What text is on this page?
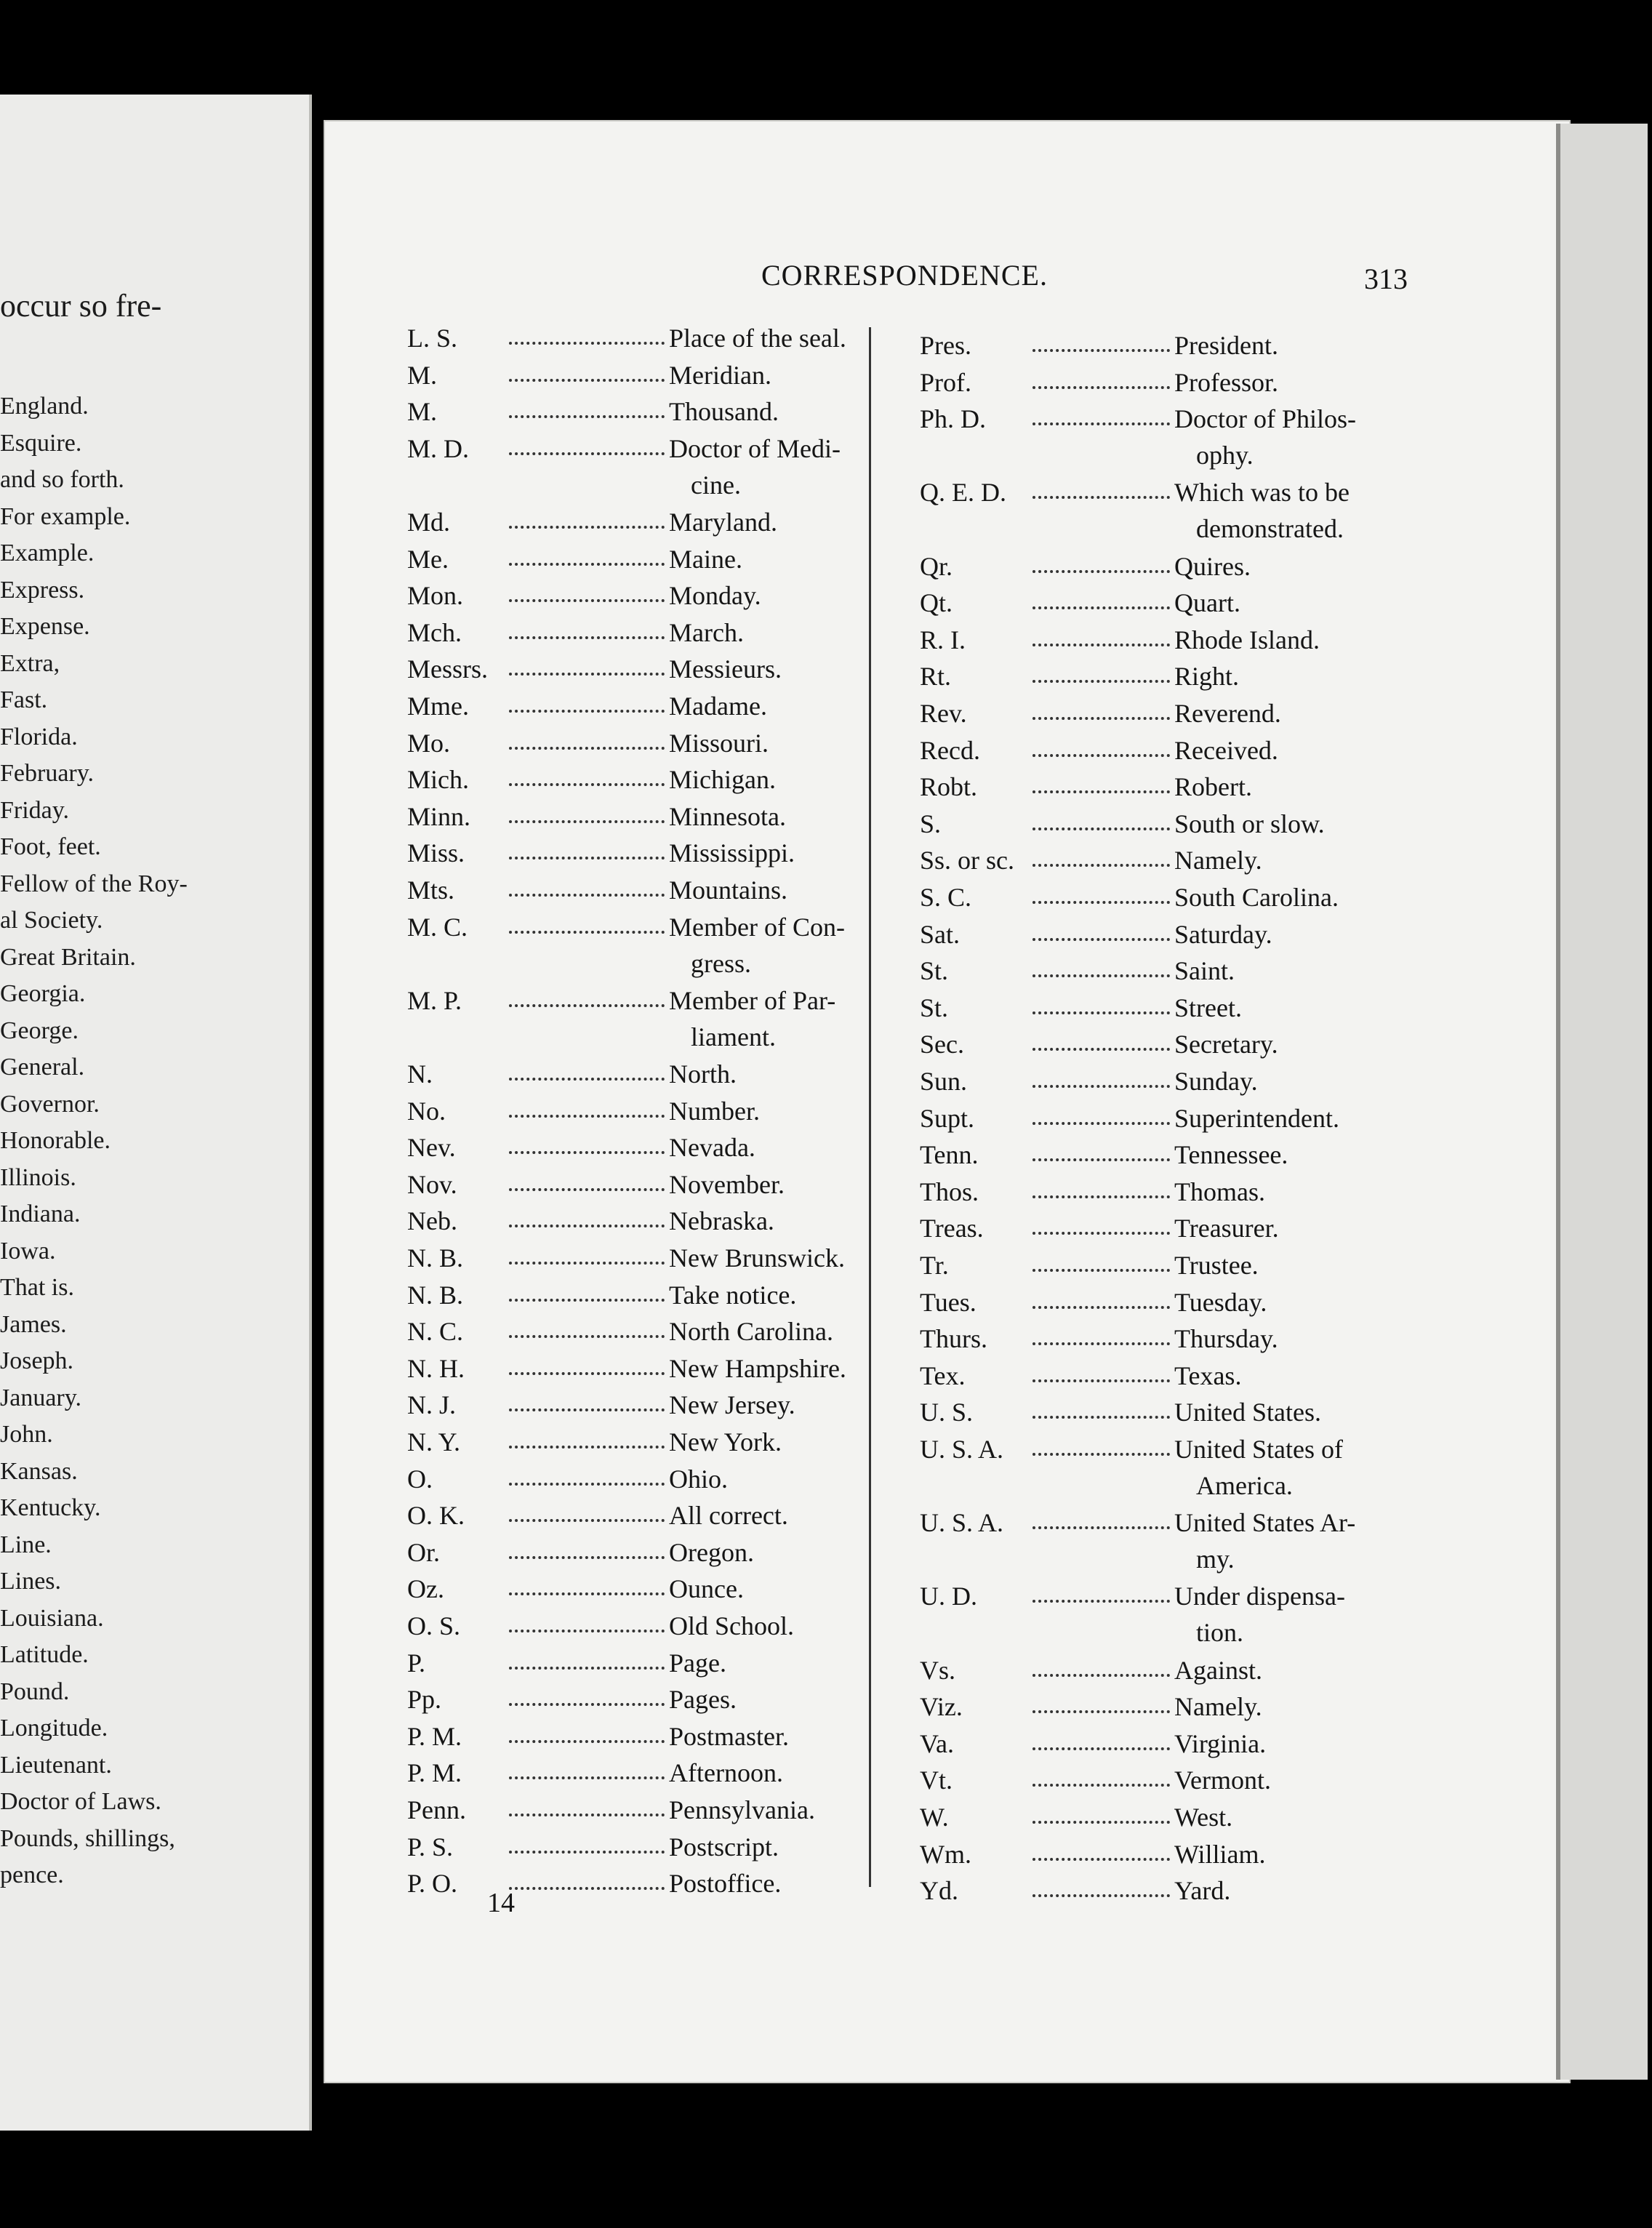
occur so fre-
England.
Esquire.
and so forth.
For example.
Example.
Express.
Expense.
Extra,
Fast.
Florida.
February.
Friday.
Foot, feet.
Fellow of the Roy-
al Society.
Great Britain.
Georgia.
George.
General.
Governor.
Honorable.
Illinois.
Indiana.
Iowa.
That is.
James.
Joseph.
January.
John.
Kansas.
Kentucky.
Line.
Lines.
Louisiana.
Latitude.
Pound.
Longitude.
Lieutenant.
Doctor of Laws.
Pounds, shillings,
pence.
CORRESPONDENCE.	313
L. S.	Place of the seal.
M.	Meridian.
M.	Thousand.
M. D.	Doctor of Medi-
cine.
Md.	Maryland.
Me.	Maine.
Mon.	Monday.
Mch.	March.
Messrs.	Messieurs.
Mme.	Madame.
Mo.	Missouri.
Mich.	Michigan.
Minn.	Minnesota.
Miss.	Mississippi.
Mts.	Mountains.
M. C.	Member of Con-
gress.
M. P.	Member of Par-
liament.
N.	North.
No.	Number.
Nev.	Nevada.
Nov.	November.
Neb.	Nebraska.
N. B.	New Brunswick.
N. B.	Take notice.
N. C.	North Carolina.
N. H.	New Hampshire.
N. J.	New Jersey.
N. Y.	New York.
O.	Ohio.
O. K.	All correct.
Or.	Oregon.
Oz.	Ounce.
O. S.	Old School.
P.	Page.
Pp.	Pages.
P. M.	Postmaster.
P. M.	Afternoon.
Penn.	Pennsylvania.
P. S.	Postscript.
P. O.	Postoffice.
Pres.	President.
Prof.	Professor.
Ph. D.	Doctor of Philos-
ophy.
Q. E. D.	Which was to be
demonstrated.
Qr.	Quires.
Qt.	Quart.
R. I.	Rhode Island.
Rt.	Right.
Rev.	Reverend.
Recd.	Received.
Robt.	Robert.
S.	South or slow.
Ss. or sc.	Namely.
S. C.	South Carolina.
Sat.	Saturday.
St.	Saint.
St.	Street.
Sec.	Secretary.
Sun.	Sunday.
Supt.	Superintendent.
Tenn.	Tennessee.
Thos.	Thomas.
Treas.	Treasurer.
Tr.	Trustee.
Tues.	Tuesday.
Thurs.	Thursday.
Tex.	Texas.
U. S.	United States.
U. S. A.	United States of
America.
U. S. A.	United States Ar-
my.
U. D.	Under dispensa-
tion.
Vs.	Against.
Viz.	Namely.
Va.	Virginia.
Vt.	Vermont.
W.	West.
Wm.	William.
Yd.	Yard.
14
